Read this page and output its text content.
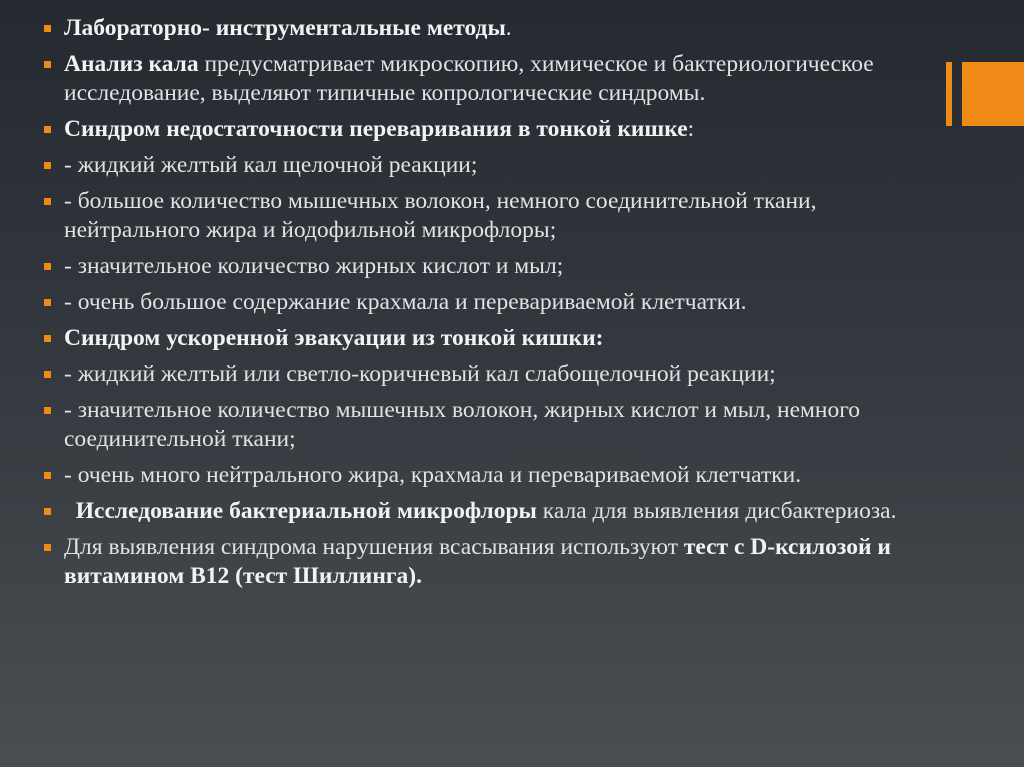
Лабораторно- инструментальные методы.
Анализ кала предусматривает микроскопию, химическое и бактериологическое исследование, выделяют типичные копрологические синдромы.
Синдром недостаточности переваривания в тонкой кишке:
- жидкий желтый кал щелочной реакции;
- большое количество мышечных волокон, немного соединительной ткани, нейтрального жира и йодофильной микрофлоры;
- значительное количество жирных кислот и мыл;
- очень большое содержание крахмала и перевариваемой клетчатки.
Синдром ускоренной эвакуации из тонкой кишки:
- жидкий желтый или светло-коричневый кал слабощелочной реакции;
- значительное количество мышечных волокон, жирных кислот и мыл, немного соединительной ткани;
- очень много нейтрального жира, крахмала и перевариваемой клетчатки.
Исследование бактериальной микрофлоры кала для выявления дисбактериоза.
Для выявления синдрома нарушения всасывания используют тест с D-ксилозой и витамином В12 (тест Шиллинга).
